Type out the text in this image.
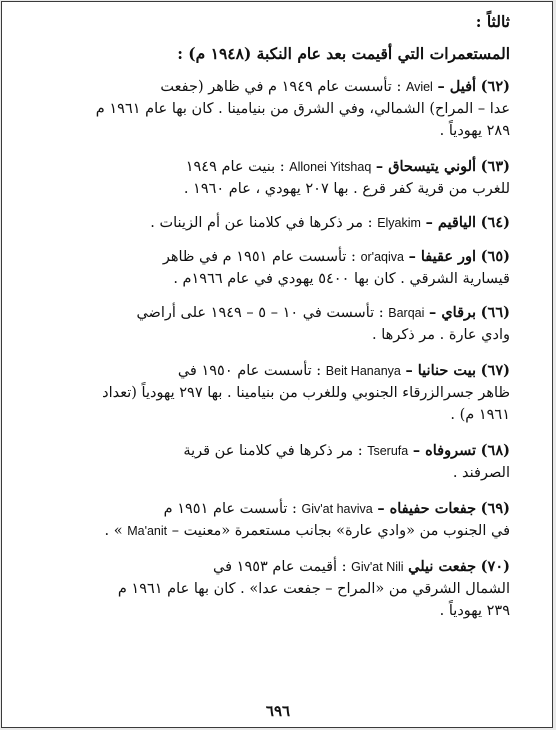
ثالثاً :
المستعمرات التي أقيمت بعد عام النكبة (١٩٤٨ م) :

(٦٢) أفيل – Aviel : تأسست عام ١٩٤٩ م في ظاهر (جفعت

عدا – المراح) الشمالي، وفي الشرق من بنيامينا . كان بها عام ١٩٦١ م

٢٨٩ يهودياً .

(٦٣) ألوني يتيسحاق – Allonei Yitshaq : بنيت عام ١٩٤٩

للغرب من قرية كفر قرع . بها ٢٠٧ يهودي ، عام ١٩٦٠ .

(٦٤) الياقيم – Elyakim : مر ذكرها في كلامنا عن أم الزينات .

(٦٥) اور عقيفا – or'aqiva : تأسست عام ١٩٥١ م في ظاهر

قيسارية الشرقي . كان بها ٥٤٠٠ يهودي في عام ١٩٦٦م .

(٦٦) برقاي – Barqai : تأسست في ١٠ – ٥ – ١٩٤٩ على أراضي

وادي عارة . مر ذكرها .

(٦٧) بيت حنانيا – Beit Hananya : تأسست عام ١٩٥٠ في

ظاهر جسرالزرقاء الجنوبي وللغرب من بنيامينا . بها ٢٩٧ يهودياً (تعداد

١٩٦١ م) .

(٦٨) تسروفاه – Tserufa : مر ذكرها في كلامنا عن قرية

الصرفند .

(٦٩) جفعات حفيفاه – Giv'at haviva : تأسست عام ١٩٥١ م

في الجنوب من «وادي عارة» بجانب مستعمرة «معنيت – Ma'anit » .

(٧٠) جفعت نيلي Giv'at Nili : أقيمت عام ١٩٥٣ في

الشمال الشرقي من «المراح – جفعت عدا» . كان بها عام ١٩٦١ م

٢٣٩ يهودياً .

٦٩٦
